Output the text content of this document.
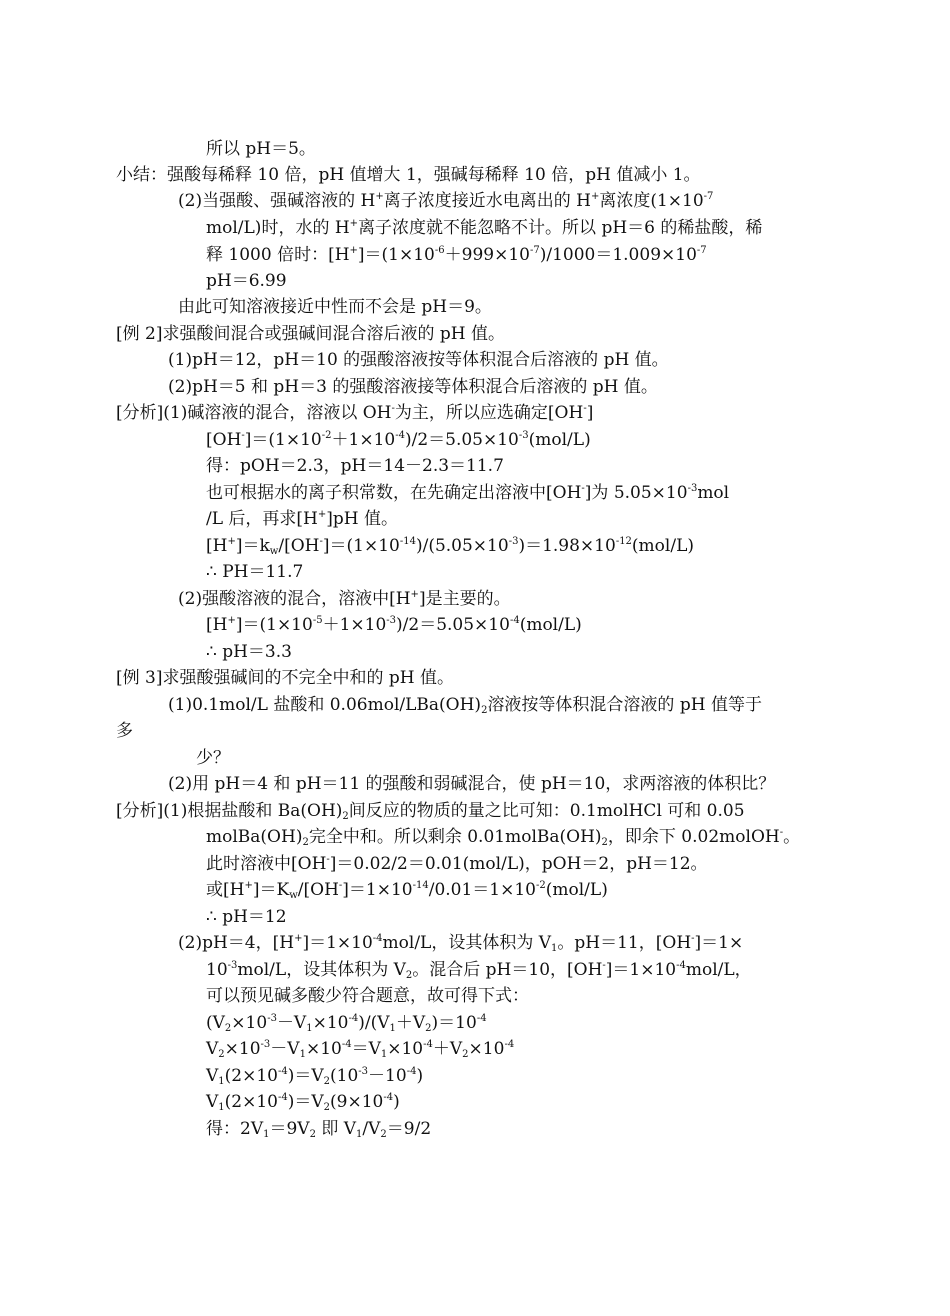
所以 pH＝5。
小结：强酸每稀释 10 倍，pH 值增大 1，强碱每稀释 10 倍，pH 值减小 1。
(2)当强酸、强碱溶液的 H+离子浓度接近水电离出的 H+离浓度($1\times 10^{-7}$
mol/L)时，水的 H+离子浓度就不能忽略不计。所以 pH＝6 的稀盐酸，稀
释 1000 倍时：$[H^+]=(1\times 10^{-6}+999\times 10^{-7})/1000=1.009\times 10^{-7}$
pH＝6.99
由此可知溶液接近中性而不会是 pH＝9。
[例 2]求强酸间混合或强碱间混合溶后液的 pH 值。
(1)pH＝12，pH＝10 的强酸溶液按等体积混合后溶液的 pH 值。
(2)pH＝5 和 pH＝3 的强酸溶液接等体积混合后溶液的 pH 值。
[分析](1)碱溶液的混合，溶液以 OH-为主，所以应选确定[OH-]
$[OH^-]=(1\times 10^{-2}+1\times 10^{-4})/2=5.05\times 10^{-3}(mol/L)$
得：pOH＝2.3，pH＝14－2.3＝11.7
也可根据水的离子积常数，在先确定出溶液中[OH-]为 $5.05\times 10^{-3}mol$
/L 后，再求[H+]pH 值。
$[H^+]=k_w/[OH^-]=(1\times 10^{-14})/(5.05\times 10^{-3})=1.98\times 10^{-12}(mol/L)$
∴ PH＝11.7
(2)强酸溶液的混合，溶液中[H+]是主要的。
$[H^+]=(1\times 10^{-5}+1\times 10^{-3})/2=5.05\times 10^{-4}(mol/L)$
∴ pH＝3.3
[例 3]求强酸强碱间的不完全中和的 pH 值。
(1)0.1mol/L 盐酸和 $0.06mol/LBa(OH)_2$溶液按等体积混合溶液的 pH 值等于
多
少？
(2)用 pH＝4 和 pH＝11 的强酸和弱碱混合，使 pH＝10，求两溶液的体积比？
[分析](1)根据盐酸和 $Ba(OH)_2$间反应的物质的量之比可知：0.1molHCl 可和 0.05
$molBa(OH)_2$完全中和。所以剩余 $0.01molBa(OH)_2$，即余下 0.02molOH-。
此时溶液中[OH-]＝0.02/2＝0.01(mol/L)，pOH＝2，pH＝12。
或$[H^+]=K_w/[OH^-]=1\times 10^{-14}/0.01=1\times 10^{-2}(mol/L)$
∴ pH＝12
(2)pH＝4，$[H^+]=1\times 10^{-4}mol/L$，设其体积为 $V_1$。pH＝11，[OH-]＝1×
$10^{-3}mol/L$，设其体积为 $V_2$。混合后 pH＝10，$[OH^-]=1\times 10^{-4}mol/L$，
可以预见碱多酸少符合题意，故可得下式：
$(V_2\times 10^{-3}-V_1\times 10^{-4})/(V_1+V_2)=10^{-4}$
$V_2\times 10^{-3}-V_1\times 10^{-4}=V_1\times 10^{-4}+V_2\times 10^{-4}$
$V_1(2\times 10^{-4})=V_2(10^{-3}-10^{-4})$
$V_1(2\times 10^{-4})=V_2(9\times 10^{-4})$
得：$2V_1=9V_2$ 即 $V_1/V_2=9/2$
